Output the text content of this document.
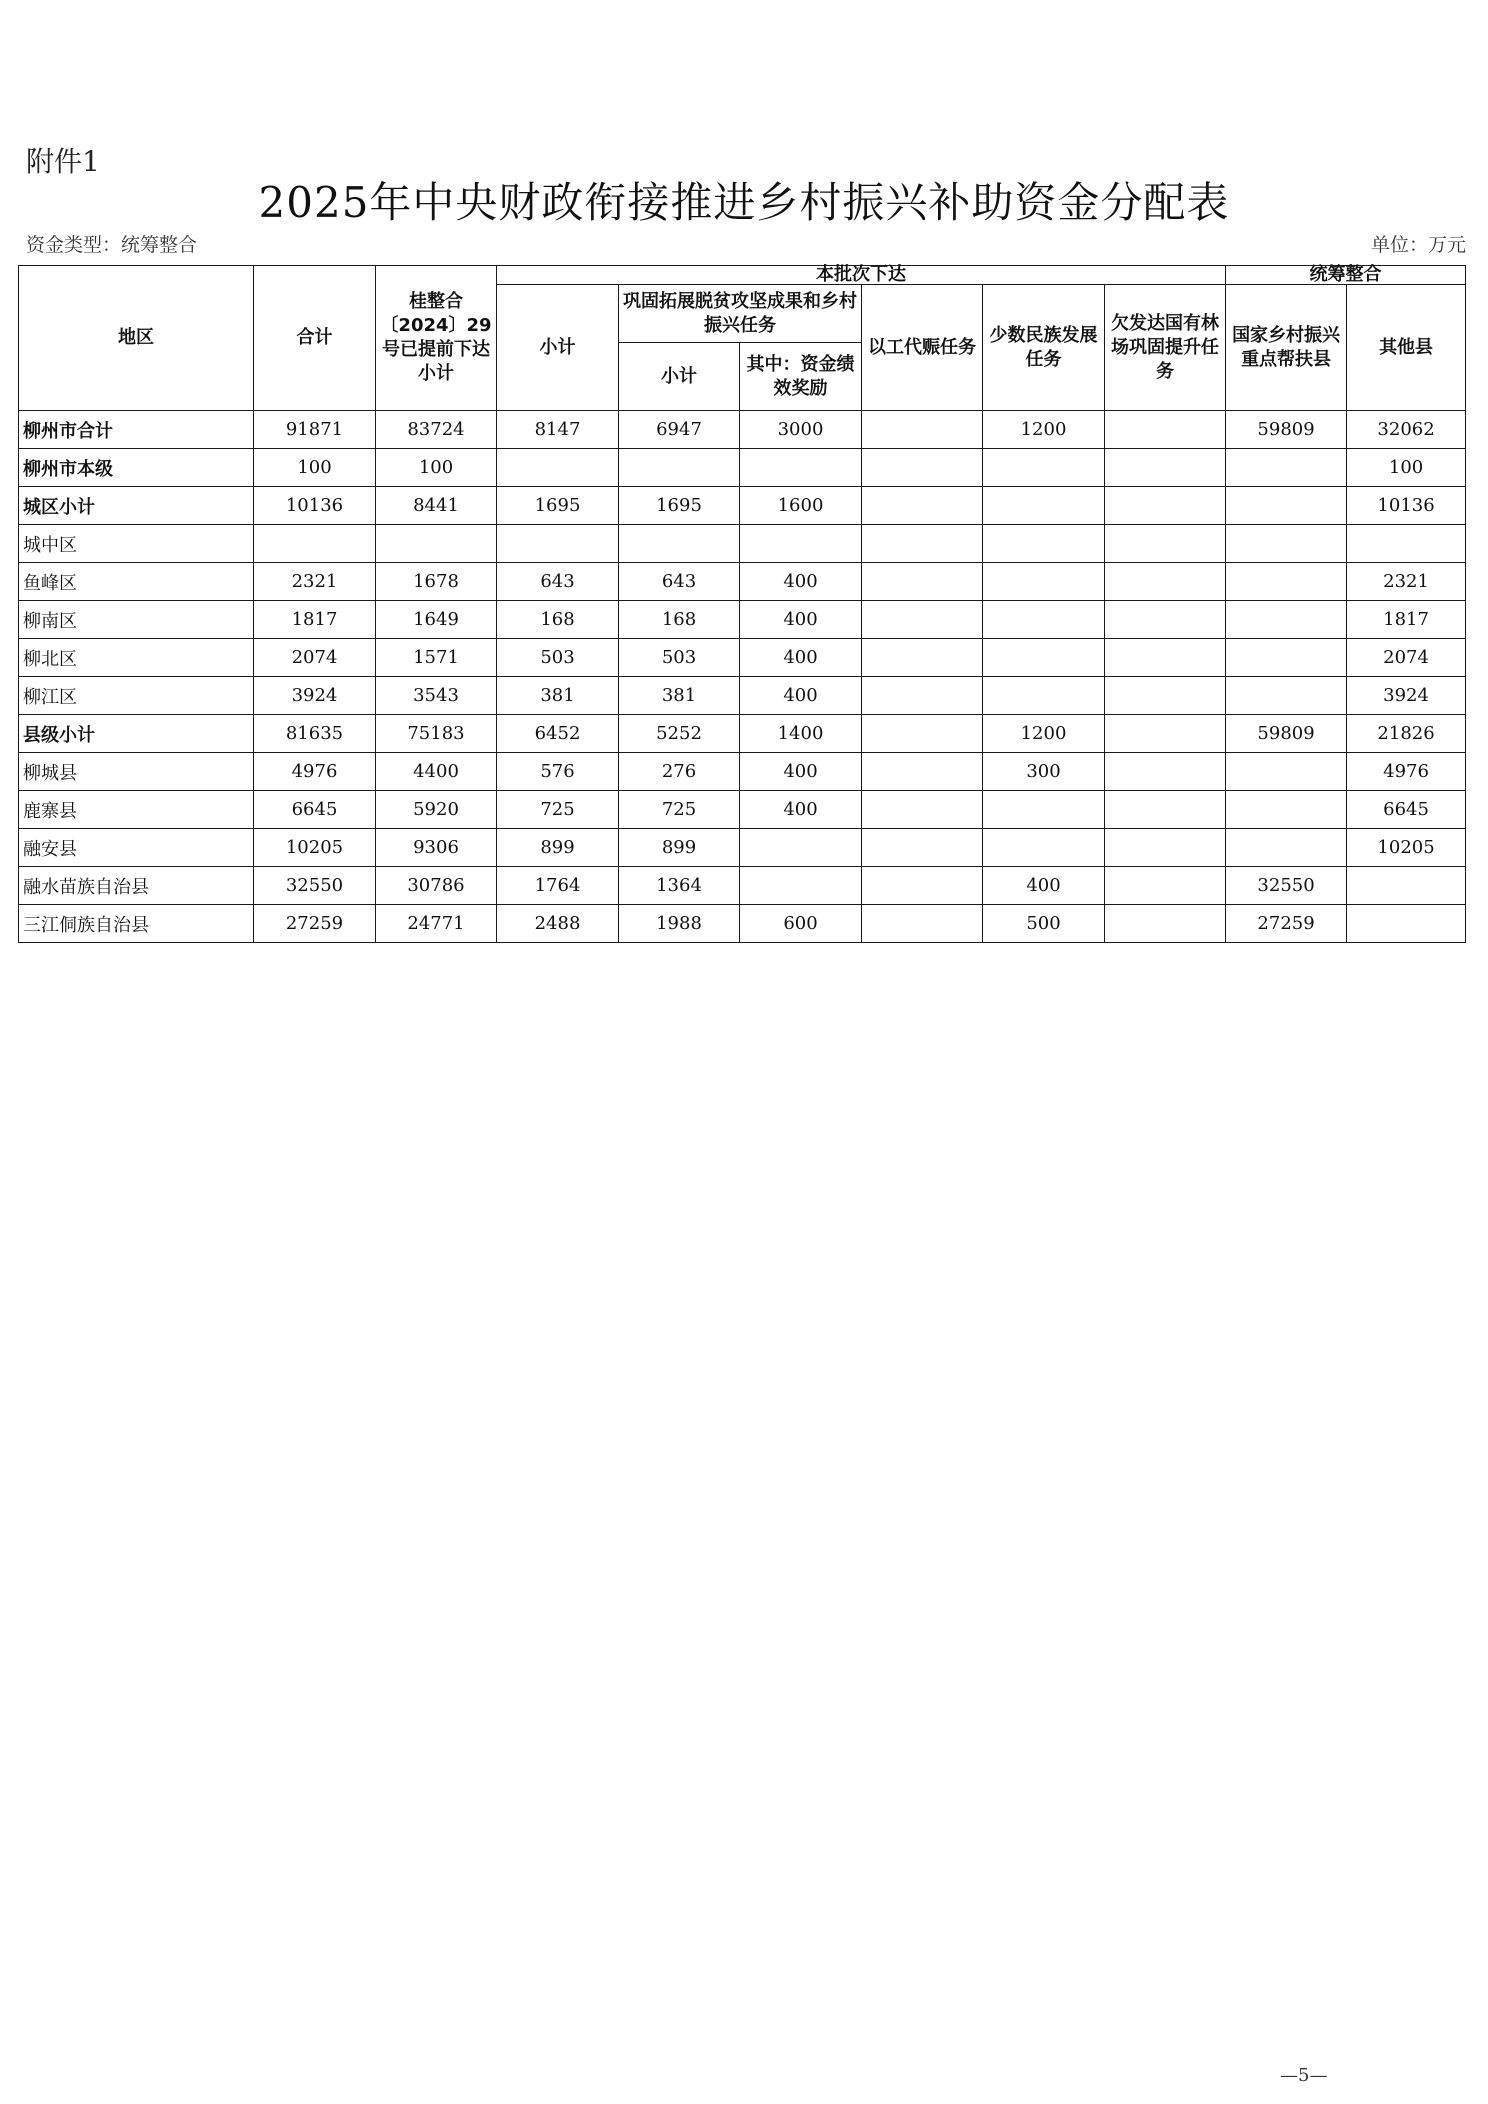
附件1
2025年中央财政衔接推进乡村振兴补助资金分配表
资金类型：统筹整合	单位：万元
地区	合计	桂整合〔2024〕29号已提前下达小计	本批次下达						统筹整合	
			小计	巩固拓展脱贫攻坚成果和乡村振兴任务		以工代赈任务	少数民族发展任务	欠发达国有林场巩固提升任务	国家乡村振兴重点帮扶县	其他县
				小计	其中：资金绩效奖励					
柳州市合计	91871	83724	8147	6947	3000		1200		59809	32062
柳州市本级	100	100								100
城区小计	10136	8441	1695	1695	1600					10136
城中区										
鱼峰区	2321	1678	643	643	400					2321
柳南区	1817	1649	168	168	400					1817
柳北区	2074	1571	503	503	400					2074
柳江区	3924	3543	381	381	400					3924
县级小计	81635	75183	6452	5252	1400		1200		59809	21826
柳城县	4976	4400	576	276	400		300			4976
鹿寨县	6645	5920	725	725	400					6645
融安县	10205	9306	899	899						10205
融水苗族自治县	32550	30786	1764	1364			400		32550	
三江侗族自治县	27259	24771	2488	1988	600		500		27259	
—5—
